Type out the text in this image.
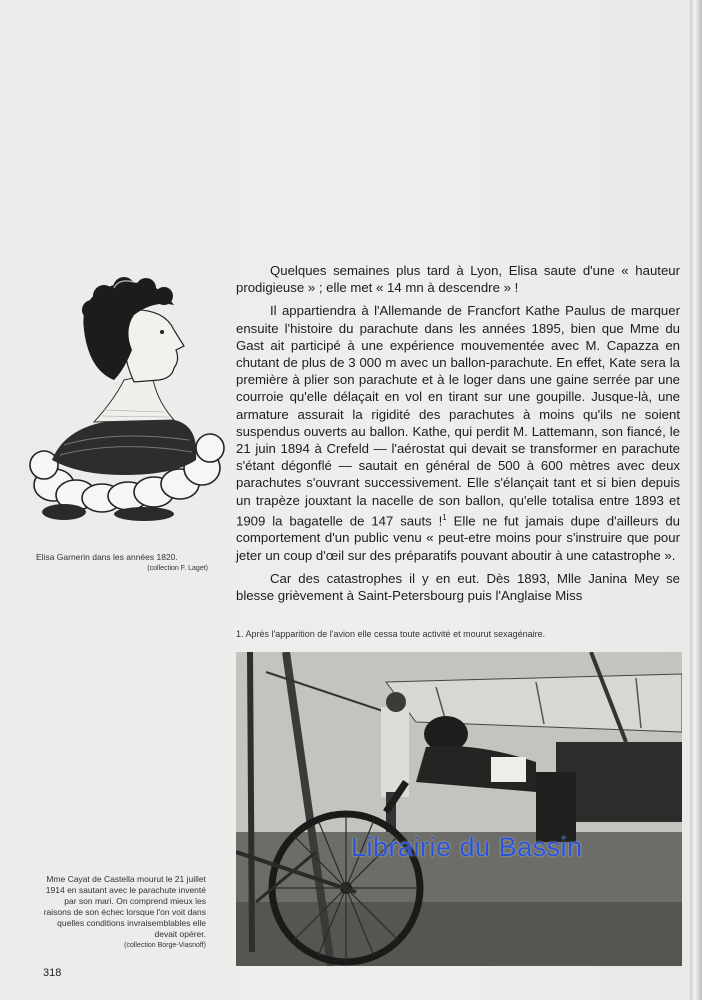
Elisa Garnerin dans les années 1820.
(collection F. Laget)

Quelques semaines plus tard à Lyon, Elisa saute d'une « hauteur prodigieuse » ; elle met « 14 mn à descendre » !

Il appartiendra à l'Allemande de Francfort Kathe Paulus de marquer ensuite l'histoire du parachute dans les années 1895, bien que Mme du Gast ait participé à une expérience mouvementée avec M. Capazza en chutant de plus de 3 000 m avec un ballon-parachute. En effet, Kate sera la première à plier son parachute et à le loger dans une gaine serrée par une courroie qu'elle délaçait en vol en tirant sur une goupille. Jusque-là, une armature assurait la rigidité des parachutes à moins qu'ils ne soient suspendus ouverts au ballon. Kathe, qui perdit M. Lattemann, son fiancé, le 21 juin 1894 à Crefeld — l'aérostat qui devait se transformer en parachute s'étant dégonflé — sautait en général de 500 à 600 mètres avec deux parachutes s'ouvrant successivement. Elle s'élançait tant et si bien depuis un trapèze jouxtant la nacelle de son ballon, qu'elle totalisa entre 1893 et 1909 la bagatelle de 147 sauts !$^1$ Elle ne fut jamais dupe d'ailleurs du comportement d'un public venu « peut-etre moins pour s'instruire que pour jeter un coup d'œil sur des préparatifs pouvant aboutir à une catastrophe ».

Car des catastrophes il y en eut. Dès 1893, Mlle Janina Mey se blesse grièvement à Saint-Petersbourg puis l'Anglaise Miss

1. Après l'apparition de l'avion elle cessa toute activité et mourut sexagénaire.
Librairie du Bassin
Mme Cayat de Castella mourut le 21 juillet 1914 en sautant avec le parachute inventé par son mari. On comprend mieux les raisons de son échec lorsque l'on voit dans quelles conditions invraisemblables elle devait opérer.
(collection Borge-Viasnoff)
318
